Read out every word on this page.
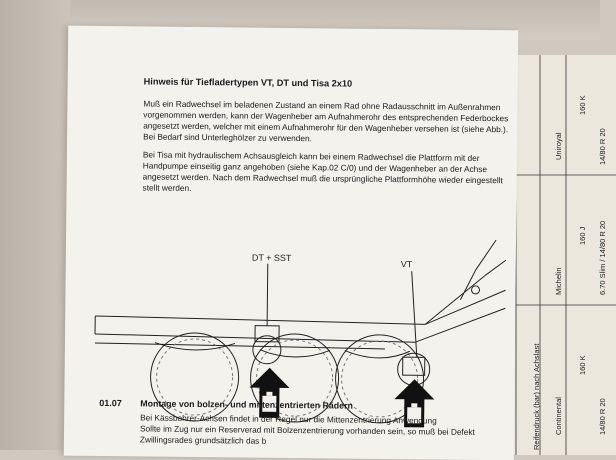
Reifendruck (bar) nach Achslast Continental
Michelin
Uniroyal
160 K
160 J
160 K
14/80 R 20
6.70 Slim / 14/80 R 20
14/80 R 20
Hinweis für Tiefladertypen VT, DT und Tisa 2x10
Muß ein Radwechsel im beladenen Zustand an einem Rad ohne Radausschnitt im Außenrahmen
vorgenommen werden, kann der Wagenheber am Aufnahmerohr des entsprechenden Federbockes
angesetzt werden, welcher mit einem Aufnahmerohr für den Wagenheber versehen ist (siehe Abb.).
Bei Bedarf sind Unterleghölzer zu verwenden.
Bei Tisa mit hydraulischem Achsausgleich kann bei einem Radwechsel die Plattform mit der
Handpumpe einseitig ganz angehoben (siehe Kap.02 C/0) und der Wagenheber an der Achse
angesetzt werden. Nach dem Radwechsel muß die ursprüngliche Plattformhöhe wieder eingestellt
stellt werden.
DT + SST
VT
01.07 Montage von bolzen- und mittenzentrierten Rädern
Bei Kässbohrer-Achsen findet in der Regel nur die Mittenzentrierung Anwendung
Sollte im Zug nur ein Reserverad mit Bolzenzentrierung vorhanden sein, so muß bei Defekt
Zwillingsrades grundsätzlich das b
